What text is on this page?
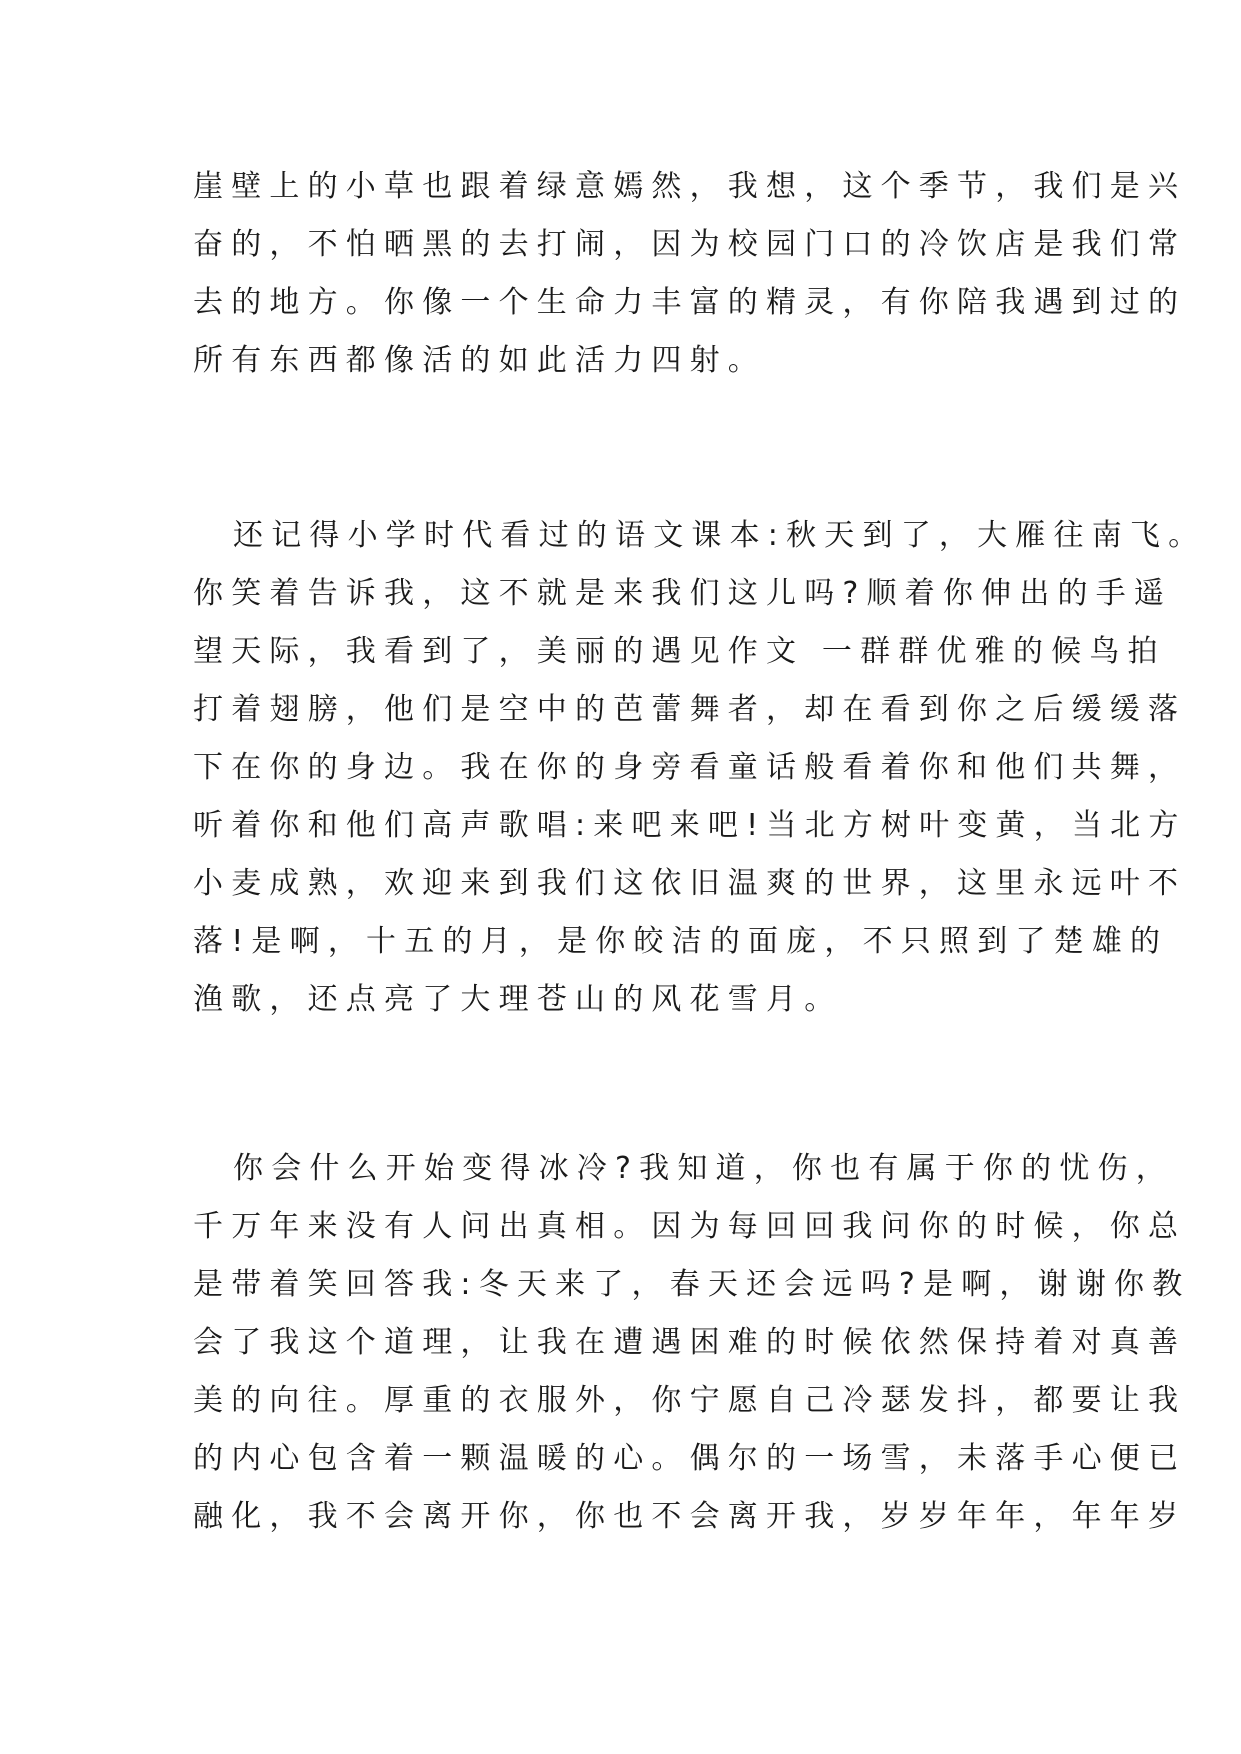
崖壁上的小草也跟着绿意嫣然，我想，这个季节，我们是兴
奋的，不怕晒黑的去打闹，因为校园门口的冷饮店是我们常
去的地方。你像一个生命力丰富的精灵，有你陪我遇到过的
所有东西都像活的如此活力四射。
还记得小学时代看过的语文课本:秋天到了，大雁往南飞。
你笑着告诉我，这不就是来我们这儿吗?顺着你伸出的手遥
望天际，我看到了，美丽的遇见作文 一群群优雅的候鸟拍
打着翅膀，他们是空中的芭蕾舞者，却在看到你之后缓缓落
下在你的身边。我在你的身旁看童话般看着你和他们共舞，
听着你和他们高声歌唱:来吧来吧!当北方树叶变黄，当北方
小麦成熟，欢迎来到我们这依旧温爽的世界，这里永远叶不
落!是啊，十五的月，是你皎洁的面庞，不只照到了楚雄的
渔歌，还点亮了大理苍山的风花雪月。
你会什么开始变得冰冷?我知道，你也有属于你的忧伤，
千万年来没有人问出真相。因为每回回我问你的时候，你总
是带着笑回答我:冬天来了，春天还会远吗?是啊，谢谢你教
会了我这个道理，让我在遭遇困难的时候依然保持着对真善
美的向往。厚重的衣服外，你宁愿自己冷瑟发抖，都要让我
的内心包含着一颗温暖的心。偶尔的一场雪，未落手心便已
融化，我不会离开你，你也不会离开我，岁岁年年，年年岁
